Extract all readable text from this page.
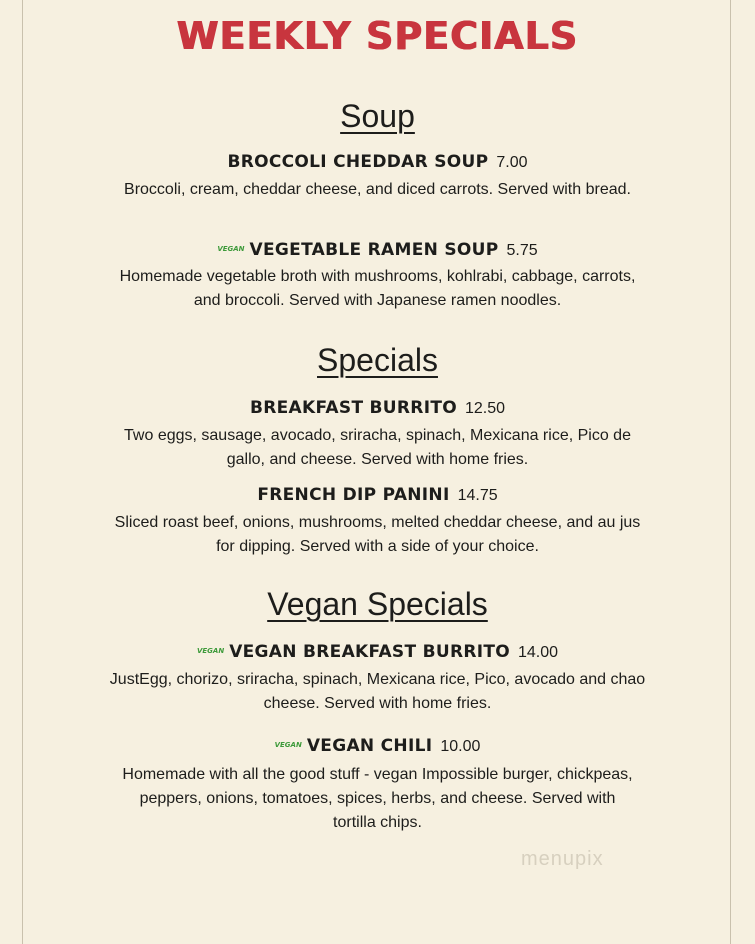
WEEKLY SPECIALS
Soup
BROCCOLI CHEDDAR SOUP 7.00
Broccoli, cream, cheddar cheese, and diced carrots. Served with bread.
VEGAN VEGETABLE RAMEN SOUP 5.75
Homemade vegetable broth with mushrooms, kohlrabi, cabbage, carrots, and broccoli. Served with Japanese ramen noodles.
Specials
BREAKFAST BURRITO 12.50
Two eggs, sausage, avocado, sriracha, spinach, Mexicana rice, Pico de gallo, and cheese. Served with home fries.
FRENCH DIP PANINI 14.75
Sliced roast beef, onions, mushrooms, melted cheddar cheese, and au jus for dipping. Served with a side of your choice.
Vegan Specials
VEGAN VEGAN BREAKFAST BURRITO 14.00
JustEgg, chorizo, sriracha, spinach, Mexicana rice, Pico, avocado and chao cheese. Served with home fries.
VEGAN VEGAN CHILI 10.00
Homemade with all the good stuff - vegan Impossible burger, chickpeas, peppers, onions, tomatoes, spices, herbs, and cheese. Served with tortilla chips.
menupix
